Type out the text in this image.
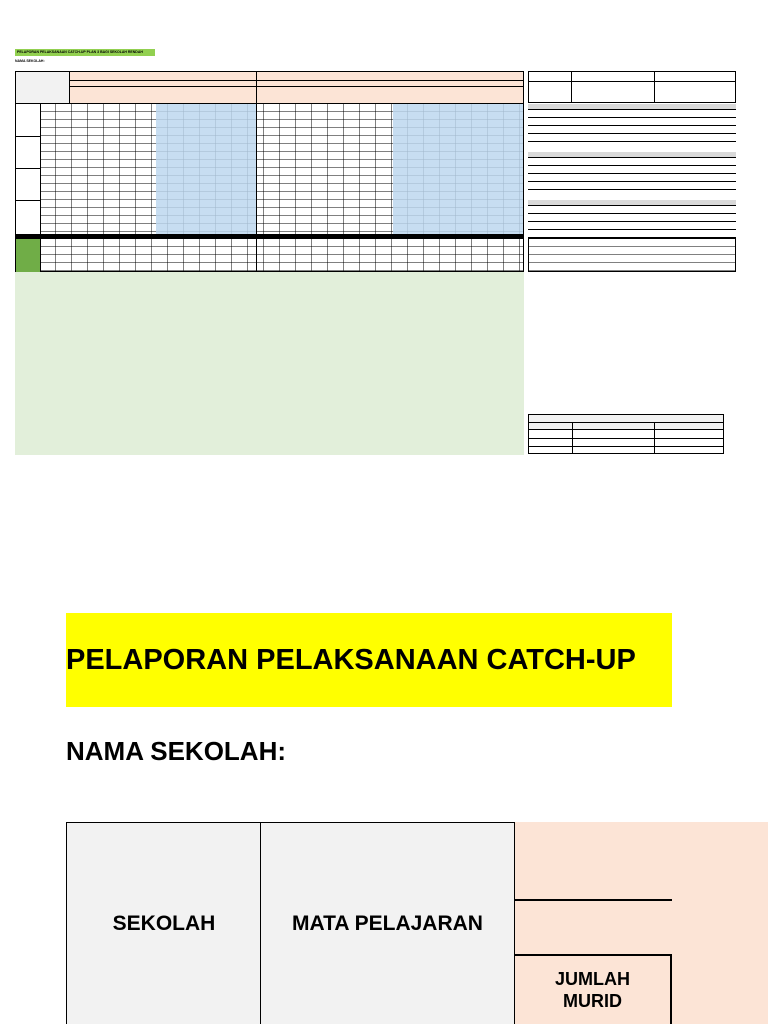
PELAPORAN PELAKSANAAN CATCH-UP PLAN 3 BAGI SEKOLAH RENDAH
NAMA SEKOLAH:
PELAPORAN PELAKSANAAN CATCH-UP
NAMA SEKOLAH:
SEKOLAH	MATA PELAJARAN
JUMLAH MURID
